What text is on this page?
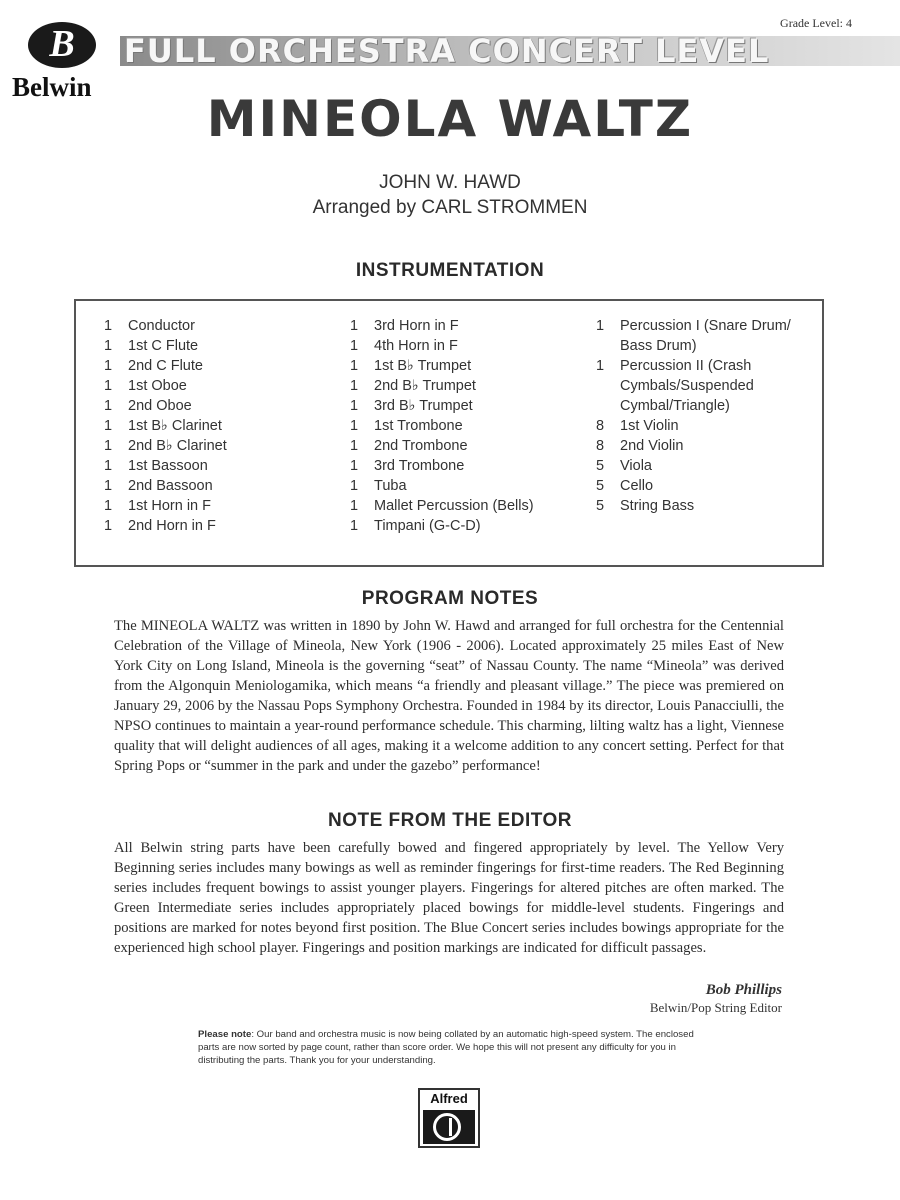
B
Belwin
FULL ORCHESTRA CONCERT LEVEL
Grade Level: 4
MINEOLA WALTZ
JOHN W. HAWD
Arranged by CARL STROMMEN
INSTRUMENTATION
1	Conductor
1	1st C Flute
1	2nd C Flute
1	1st Oboe
1	2nd Oboe
1	1st B♭ Clarinet
1	2nd B♭ Clarinet
1	1st Bassoon
1	2nd Bassoon
1	1st Horn in F
1	2nd Horn in F
1	3rd Horn in F
1	4th Horn in F
1	1st B♭ Trumpet
1	2nd B♭ Trumpet
1	3rd B♭ Trumpet
1	1st Trombone
1	2nd Trombone
1	3rd Trombone
1	Tuba
1	Mallet Percussion (Bells)
1	Timpani (G-C-D)
1	Percussion I (Snare Drum/
Bass Drum)
1	Percussion II (Crash
Cymbals/Suspended
Cymbal/Triangle)
8	1st Violin
8	2nd Violin
5	Viola
5	Cello
5	String Bass
PROGRAM NOTES
The MINEOLA WALTZ was written in 1890 by John W. Hawd and arranged for full orchestra for the Centennial Celebration of the Village of Mineola, New York (1906 - 2006). Located approximately 25 miles East of New York City on Long Island, Mineola is the governing “seat” of Nassau County. The name “Mineola” was derived from the Algonquin Meniologamika, which means “a friendly and pleasant village.” The piece was premiered on January 29, 2006 by the Nassau Pops Symphony Orchestra. Founded in 1984 by its director, Louis Panacciulli, the NPSO continues to maintain a year-round performance schedule. This charming, lilting waltz has a light, Viennese quality that will delight audiences of all ages, making it a welcome addition to any concert setting. Perfect for that Spring Pops or “summer in the park and under the gazebo” performance!
NOTE FROM THE EDITOR
All Belwin string parts have been carefully bowed and fingered appropriately by level. The Yellow Very Beginning series includes many bowings as well as reminder fingerings for first-time readers. The Red Beginning series includes frequent bowings to assist younger players. Fingerings for altered pitches are often marked. The Green Intermediate series includes appropriately placed bowings for middle-level students. Fingerings and positions are marked for notes beyond first position. The Blue Concert series includes bowings appropriate for the experienced high school player. Fingerings and position markings are indicated for difficult passages.
Bob Phillips
Belwin/Pop String Editor
Please note: Our band and orchestra music is now being collated by an automatic high-speed system. The enclosed parts are now sorted by page count, rather than score order. We hope this will not present any difficulty for you in distributing the parts. Thank you for your understanding.
Alfred
